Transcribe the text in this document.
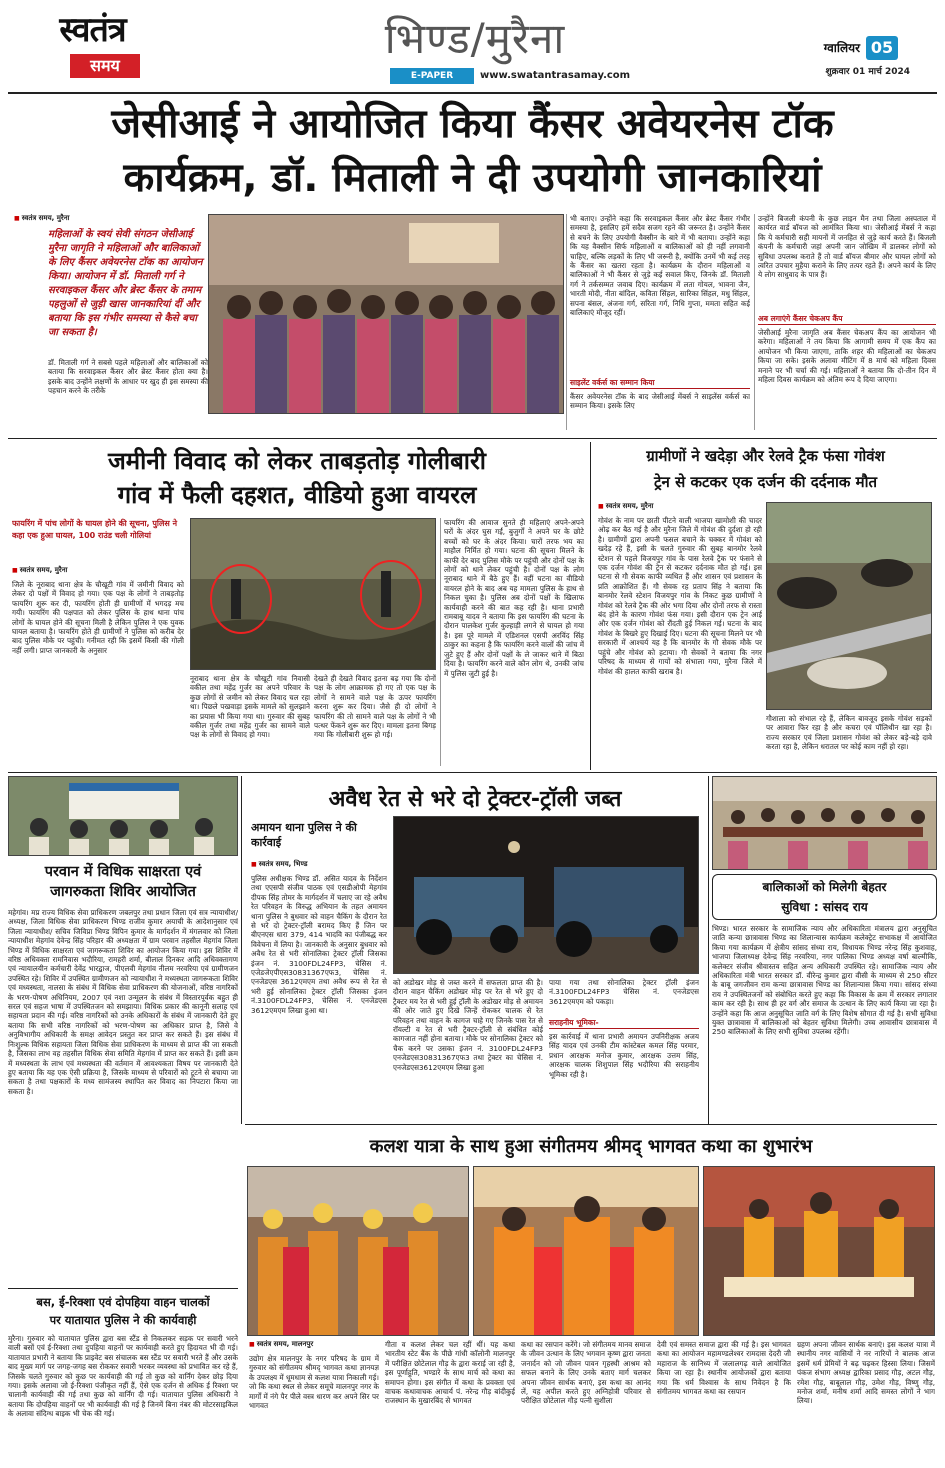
स्वतंत्र
समय
भिण्ड/मुरैना
E-PAPER	www.swatantrasamay.com
ग्वालियर 05
शुक्रवार 01 मार्च 2024
जेसीआई ने आयोजित किया कैंसर अवेयरनेस टॉक
कार्यक्रम, डॉ. मिताली ने दी उपयोगी जानकारियां
■ स्वतंत्र समय, मुरैना
महिलाओं के स्वयं सेवी संगठन जेसीआई मुरैना जागृति ने महिलाओं और बालिकाओं के लिए कैंसर अवेयरनेस टॉक का आयोजन किया। आयोजन में डॉ. मिताली गर्ग ने सरवाइकल कैंसर और ब्रेस्ट कैंसर के तमाम पहलुओं से जुड़ी खास जानकारियां दीं और बताया कि इस गंभीर समस्या से कैसे बचा जा सकता है।
डॉ. मिताली गर्ग ने सबसे पहले महिलाओं और बालिकाओं को बताया कि सरवाइकल कैंसर और ब्रेस्ट कैंसर होता क्या है। इसके बाद उन्होंने लक्षणों के आधार पर खुद ही इस समस्या की पहचान करने के तरीके
भी बताए। उन्होंने कहा कि सरवाइकल कैंसर और ब्रेस्ट कैंसर गंभीर समस्या है, इसलिए हमें सदैव सजग रहने की जरूरत है। उन्होंने कैंसर से बचने के लिए उपयोगी वैक्सीन के बारे में भी बताया। उन्होंने कहा कि यह वैक्सीन सिर्फ महिलाओं व बालिकाओं को ही नहीं लगवानी चाहिए, बल्कि लड़कों के लिए भी जरूरी है, क्योंकि उनमें भी कई तरह के कैंसर का खतरा रहता है। कार्यक्रम के दौरान महिलाओं व बालिकाओं ने भी कैंसर से जुड़े कई सवाल किए, जिनके डॉ. मिताली गर्ग ने तर्कसम्मत जवाब दिए। कार्यक्रम में लता गोयल, भावना जैन, भारती मोदी, नीता बांदिल, कविता सिंहल, सारिका सिंहल, मधु सिंहल, सपना बंसल, अंजना गर्ग, सरिता गर्ग, निधि गुप्ता, ममता सहित कई बालिकाएं मौजूद रहीं।
साइलेंट वर्कर्स का सम्मान किया
कैंसर अवेयरनेस टॉक के बाद जेसीआई मेंबर्स ने साइलेंस वर्कर्स का सम्मान किया। इसके लिए
उन्होंने बिजली कंपनी के कुछ लाइन मैन तथा जिला अस्पताल में कार्यरत वार्ड बॉयज को आमंत्रित किया था। जेसीआई मेंबर्स ने कहा कि ये कर्मचारी सही मायनों में जनहित से जुड़े कार्य करते हैं। बिजली कंपनी के कर्मचारी जहां अपनी जान जोखिम में डालकर लोगों को सुविधा उपलब्ध कराते हैं तो वार्ड बॉयज बीमार और घायल लोगों को त्वरित उपचार मुहैया कराने के लिए तत्पर रहते हैं। अपने कार्य के लिए ये लोग साधुवाद के पात्र हैं।
अब लगाएंगे कैंसर चेकअप कैंप
जेसीआई मुरैना जागृति अब कैंसर चेकअप कैंप का आयोजन भी करेगा। महिलाओं ने तय किया कि आगामी समय में एक कैंप का आयोजन भी किया जाएगा, ताकि शहर की महिलाओं का चेकअप किया जा सके। इसके अलावा मीटिंग में 8 मार्च को महिला दिवस मनाने पर भी चर्चा की गई। महिलाओं ने बताया कि दो-तीन दिन में महिला दिवस कार्यक्रम को अंतिम रूप दे दिया जाएगा।
जमीनी विवाद को लेकर ताबड़तोड़ गोलीबारी
गांव में फैली दहशत, वीडियो हुआ वायरल
फायरिंग में पांच लोगों के घायल होने की सूचना, पुलिस ने कहा एक हुआ घायल, 100 राउंड चली गोलियां
■ स्वतंत्र समय, मुरैना
जिले के नूराबाद थाना क्षेत्र के चौखूटी गांव में जमीनी विवाद को लेकर दो पक्षों में विवाद हो गया। एक पक्ष के लोगों ने ताबड़तोड़ फायरिंग शुरू कर दी, फायरिंग होती ही ग्रामीणों में भगदड़ मच गयी। फायरिंग की पक्षपात को लेकर पुलिस के हाथ थाना पांच लोगों के घायल होने की सूचना मिली है लेकिन पुलिस ने एक युवक घायल बताया है। फायरिंग होते ही ग्रामीणों ने पुलिस को करीब देर बाद पुलिस मौके पर पहुंची। गनीमत रही कि इसमें किसी की गोली नहीं लगी। प्राप्त जानकारी के अनुसार
नूराबाद थाना क्षेत्र के चौखूटी गांव निवासी वकील तथा महेंद्र गुर्जर का अपने परिवार के कुछ लोगों से जमीन को लेकर विवाद चल रहा था। पिछले पखवाड़ा इसके मामले को सुलझाने का प्रयास भी किया गया था। गुरुवार की सुबह वकील गुर्जर तथा महेंद्र गुर्जर का सामने वाले पक्ष के लोगों से विवाद हो गया।
देखते ही देखते विवाद इतना बढ़ गया कि दोनों पक्ष के लोग आक्रामक हो गए तो एक पक्ष के लोगों ने सामने वाले पक्ष के ऊपर फायरिंग करना शुरू कर दिया। जैसे ही दो लोगों ने फायरिंग की तो सामने वाले पक्ष के लोगों ने भी पत्थर फेंकने शुरू कर दिए। मामला इतना बिगड़ गया कि गोलीबारी शुरू हो गई।
फायरिंग की आवाज सुनते ही महिलाएं अपने-अपने घरों के अंदर घुस गईं, बुजुर्गों ने अपने घर के छोटे बच्चों को घर के अंदर किया। चारों तरफ भय का माहौल निर्मित हो गया। घटना की सूचना मिलने के काफी देर बाद पुलिस मौके पर पहुंची और दोनों पक्ष के लोगों को थाने लेकर पहुंची है। दोनों पक्ष के लोग नूराबाद थाने में बैठे हुए हैं। वहीं घटना का वीडियो वायरल होने के बाद अब यह मामला पुलिस के हाथ से निकल चुका है। पुलिस अब दोनों पक्षों के खिलाफ कार्यवाही करने की बात कह रही है। थाना प्रभारी रामबाबू यादव ने बताया कि इस फायरिंग की घटना के दौरान पालकेश गुर्जर कुल्हाड़ी लगने से घायल हो गया है। इस पूरे मामले में एडिशनल एसपी अरविंद सिंह ठाकुर का कहना है कि फायरिंग करने वालों की जांच में जुटे हुए हैं और दोनों पक्षों के ले जाकर थाने में बिठा दिया है। फायरिंग करने वाले कौन लोग थे, उनकी जांच में पुलिस जुटी हुई है।
ग्रामीणों ने खदेड़ा और रेलवे ट्रैक फंसा गोवंश
ट्रेन से कटकर एक दर्जन की दर्दनाक मौत
■ स्वतंत्र समय, मुरैना
गोवंश के नाम पर छाती पीटने वाली भाजपा खामोशी की चादर ओढ़ कर बैठ गई है और मुरैना जिले में गोवंश की दुर्दशा हो रही है। ग्रामीणों द्वारा अपनी फसल बचाने के चक्कर में गोवंश को खदेड़ रहे हैं, इसी के चलते गुरुवार की सुबह बानमोर रेलवे स्टेशन से पहले विजयपुर गांव के पास रेलवे ट्रैक पर फंसने से एक दर्जन गोवंश की ट्रेन से कटकर दर्दनाक मौत हो गई। इस घटना से गौ सेवक काफी व्यथित हैं और शासन एवं प्रशासन के प्रति आक्रोशित हैं। गौ सेवक रह प्रताप सिंह ने बताया कि बानमोर रेलवे स्टेशन विजयपुर गांव के निकट कुछ ग्रामीणों ने गोवंश को रेलवे ट्रैक की ओर भगा दिया और दोनों तरफ से रास्ता बंद होने के कारण गोवंश फंस गया। इसी दौरान एक ट्रेन आई और एक दर्जन गोवंश को रौंदती हुई निकल गई। घटना के बाद गोवंश के बिखरे हुए दिखाई दिए। घटना की सूचना मिलने पर भी सरकारी में आश्चर्य यह है कि बानमोर के गौ सेवक मौके पर पहुंचे और गोवंश को हटाया। गौ सेवकों ने बताया कि नगर परिषद के माध्यम से गायों को संभाला गया, मुरैना जिले में गोवंश की हालत काफी खराब है।
गौशाला को संभाल रहे हैं, लेकिन बावजूद इसके गोवंश सड़कों पर आवारा फिर रहा है और कचरा एवं पॉलिथीन खा रहा है। राज्य सरकार एवं जिला प्रशासन गोवंश को लेकर बड़े-बड़े दावे करता रहा है, लेकिन धरातल पर कोई काम नहीं हो रहा।
परवान में विधिक साक्षरता एवं
जागरुकता शिविर आयोजित
महेगांव। मप्र राज्य विधिक सेवा प्राधिकरण जबलपुर तथा प्रधान जिला एवं सत्र न्यायाधीश/अध्यक्ष, जिला विधिक सेवा प्राधिकरण भिण्ड राजीव कुमार अयाची के आदेशानुसार एवं जिला न्यायाधीश/ सचिव जिविप्रा भिण्ड विपिन कुमार के मार्गदर्शन में मंगलवार को जिला न्यायाधीश मेहगांव देवेन्द्र सिंह परिहार की अध्यक्षता में ग्राम परवान तहसील मेहगांव जिला भिण्ड में विधिक साक्षरता एवं जागरूकता शिविर का आयोजन किया गया। इस शिविर में वरिष्ठ अधिवक्ता रामनिवास भदौरिया, रामहरी शर्मा, बीलाल दिनकर आदि अधिवक्तागण एवं न्यायालयीन कर्मचारी देवेंद्र भारद्वाज, पीएलवी मेहगांव नीलम नरवरिया एवं ग्रामीणजन उपस्थित रहे। शिविर में उपस्थित ग्रामीणजन को न्यायाधीश ने मध्यस्थता जागरूकता शिविर एवं मध्यस्थता, नालसा के संबंध में विधिक सेवा प्राधिकरण की योजनाओं, वरिष्ठ नागरिकों के भरण-पोषण अधिनियम, 2007 एवं नशा उन्मूलन के संबंध में विस्तारपूर्वक बहुत ही सरल एवं सहज भाषा में उपस्थितजन को समझाया। विधिक प्रकार की कानूनी सलाह एवं सहायता प्रदान की गई। वरिष्ठ नागरिकों को उनके अधिकारों के संबंध में जानकारी देते हुए बताया कि सभी वरिष्ठ नागरिकों को भरण-पोषण का अधिकार प्राप्त है, जिसे वे अनुविभागीय अधिकारी के समक्ष आवेदन प्रस्तुत कर प्राप्त कर सकते हैं। इस संबंध में निःशुल्क विधिक सहायता जिला विधिक सेवा प्राधिकरण के माध्यम से प्राप्त की जा सकती है, जिसका लाभ वह तहसील विधिक सेवा समिति मेहगांव में प्राप्त कर सकते हैं। इसी क्रम में मध्यस्थता के लाभ एवं मध्यस्थता की वर्तमान में आवश्यकता विषय पर जानकारी देते हुए बताया कि यह एक ऐसी प्रक्रिया है, जिसके माध्यम से परिवारों को टूटने से बचाया जा सकता है तथा पक्षकारों के मध्य सामंजस्य स्थापित कर विवाद का निपटारा किया जा सकता है।
बस, ई-रिक्शा एवं दोपहिया वाहन चालकों
पर यातायात पुलिस ने की कार्यवाही
मुरैना। गुरुवार को यातायात पुलिस द्वारा बस स्टैंड से निकलकर सड़क पर सवारी भरने वाली बसों एवं ई-रिक्शा तथा दुपहिया वाहनों पर कार्यवाही करते हुए हिदायत भी दी गई। यातायात प्रभारी ने बताया कि प्राइवेट बस संचालक बस स्टैंड पर सवारी भरते हैं और उसके बाद मुख्य मार्ग पर जगह-जगह बस रोककर सवारी भरकर व्यवस्था को प्रभावित कर रहे हैं, जिसके चलते गुरुवार को कुछ पर कार्यवाही की गई तो कुछ को वार्निंग देकर छोड़ दिया गया। इसके अलावा जो ई-रिक्शा पंजीकृत नहीं हैं, ऐसे एक दर्जन से अधिक ई रिक्शा पर चालानी कार्यवाही की गई तथा कुछ को वार्निंग दी गई। यातायात पुलिस अधिकारी ने बताया कि दोपहिया वाहनों पर भी कार्यवाही की गई है जिनमें बिना नंबर की मोटरसाइकिल के अलावा संदिग्ध बाइक भी चेक की गई।
अवैध रेत से भरे दो ट्रेक्टर-ट्रॉली जब्त
अमायन थाना पुलिस ने की कार्रवाई
■ स्वतंत्र समय, भिण्ड
पुलिस अधीक्षक भिण्ड डॉ. असित यादव के निर्देशन तथा एएसपी संजीव पाठक एवं एसडीओपी मेहगांव दीपक सिंह तोमर के मार्गदर्शन में चलाए जा रहे अवैध रेत परिवहन के विरुद्ध अभियान के तहत अमायन थाना पुलिस ने बुधवार को वाहन चैकिंग के दौरान रेत से भरे दो ट्रेक्टर-ट्रॉली बरामद किए हैं जिन पर बीएनएस धारा 379, 414 भादवि का पंजीबद्ध कर विवेचना में लिया है। जानकारी के अनुसार बुधवार को अवैध रेत से भरी सोनालिका ट्रेक्टर ट्रॉली जिसका इंजन नं. 3100FDL24FP3, चेसिस नं. एजेडजेएपीएस30831367एफ3, चेसिस नं. एनजेडएस 3612एमएम तथा अवैध रूप से रेत से भरी हुई सोनालिका ट्रेक्टर ट्रॉली जिसका इंजन नं.3100FDL24FP3, चेसिस नं. एनजेडएस 3612एमएम लिखा हुआ था।
को अडोखर मोड़ से जब्त करने में सफलता प्राप्त की है। दौरान वाहन चैकिंग अडोखर मोड़ पर रेत से भरे हुए दो ट्रैक्टर मय रेत से भरी हुई ट्रॉली के अडोखर मोड़ से अमायन की ओर जाते हुए दिखे जिन्हें रोककर चालक से रेत परिवहन तथा वाहन के कागज चाहे गए जिनके पास रेत से रॉयल्टी व रेत से भरी ट्रैक्टर-ट्रॉली से संबंधित कोई कागजात नहीं होना बताया। मौके पर सोनालिका ट्रेक्टर को चैक करने पर उसका इंजन नं. 3100FDL24FP3 एनजेडएस30831367एफ3 तथा ट्रेक्टर का चेसिस नं. एनजेडएस3612एमएम लिखा हुआ
पाया गया तथा सोनालिका ट्रेक्टर ट्रॉली इंजन नं.3100FDL24FP3 चेसिस नं. एनजेडएस 3612एमएम को पकड़ा।
सराहनीय भूमिका-
इस कार्रवाई में थाना प्रभारी अमायन उपनिरीक्षक अजय सिंह यादव एवं उनकी टीम कांस्टेबल कमल सिंह परमार, प्रधान आरक्षक मनोज कुमार, आरक्षक उत्तम सिंह, आरक्षक चालक शिशुपाल सिंह भदौरिया की सराहनीय भूमिका रही है।
बालिकाओं को मिलेगी बेहतर
सुविधा : सांसद राय
भिण्ड। भारत सरकार के सामाजिक न्याय और अधिकारिता मंत्रालय द्वारा अनुसूचित जाति कन्या छात्रावास भिण्ड का शिलान्यास कार्यक्रम कलेक्ट्रेट सभाकक्ष में आयोजित किया गया कार्यक्रम में क्षेत्रीय सांसद संध्या राय, विधायक भिण्ड नरेन्द्र सिंह कुशवाह, भाजपा जिलाध्यक्ष देवेन्द्र सिंह नरवरिया, नगर पालिका भिण्ड अध्यक्ष वर्षा बाल्मीकि, कलेक्टर संजीव श्रीवास्तव सहित अन्य अधिकारी उपस्थित रहे। सामाजिक न्याय और अधिकारिता मंत्री भारत सरकार डॉ. वीरेन्द्र कुमार द्वारा वीसी के माध्यम से 250 सीटर के बाबू जगजीवन राम कन्या छात्रावास भिण्ड का शिलान्यास किया गया। सांसद संध्या राय ने उपस्थितजनों को संबोधित करते हुए कहा कि विकास के क्रम में सरकार लगातार काम कर रही है। साथ ही हर वर्ग और समाज के उत्थान के लिए कार्य किया जा रहा है। उन्होंने कहा कि आज अनुसूचित जाति वर्ग के लिए विशेष सौगात दी गई है। सभी सुविधा युक्त छात्रावास में बालिकाओं को बेहतर सुविधा मिलेगी। उच्च आवासीय छात्रावास में 250 बालिकाओं के लिए सभी सुविधा उपलब्ध रहेंगी।
कलश यात्रा के साथ हुआ संगीतमय श्रीमद् भागवत कथा का शुभारंभ
■ स्वतंत्र समय, मालनपुर
उद्योग क्षेत्र मालनपुर के नगर परिषद के ग्राम में गुरुवार को संगीतमय श्रीमद् भागवत कथा ज्ञानयज्ञ के उपलक्ष्य में धूमधाम से कलश यात्रा निकाली गई। जो कि कथा स्थल से लेकर समूचे मालनपुर नगर के मार्गों में नंगे पैर पीले वस्त्र धारण कर अपने सिर पर भागवत
गीता व कलश लेकर चल रहीं थीं। यह कथा भारतीय स्टेट बैंक के पीछे गांधी कॉलोनी मालनपुर में परीक्षित छोटेलाल गौड़ के द्वारा कराई जा रही है, इस पूर्णाहुति, भण्डारे के साथ मार्च को कथा का समापन होगा। इस संगीत में कथा के प्रवक्ता एवं वाचक कथावाचक आचार्य पं. नरेन्द्र गौड़ बांदीकुई राजस्थान के मुखारबिंद से भागवत
कथा का रसपान करेंगे। जो संगीतमय मानव समाज के जीवन उत्थान के लिए भगवान कृष्ण द्वारा जनता जनार्दन को जो जीवन पावन गृहस्थी आश्रम को सफल बनाने के लिए उनके बताए मार्ग चलकर अपना जीवन सार्थक बनाएं, इस कथा का आनंद लें, यह अपील करते हुए अग्निहोत्री परिवार से परीक्षित छोटेलाल गौड़ पत्नी सुशीला
देवी एवं समस्त समाज द्वारा की गई है। इस भागवत कथा का आयोजन महामण्डलेश्वर रामदास देदरी जी महाराज के सानिध्य में जलालगढ़ वाले आयोजित किया जा रहा है। स्थानीय आयोजकों द्वारा बताया गया कि धर्म विश्वास के साथ निवेदन है कि संगीतमय भागवत कथा का रसपान
ग्रहण अपना जीवन सार्थक बनाएं। इस कलश यात्रा में स्थानीय नगर वासियों ने नर नारियों ने बालक आज इसमें धर्म प्रेमियों ने बढ़ चढ़कर हिस्सा लिया। जिसमें पंकज संभाग अध्यक्ष द्वारिका प्रसाद गौड़, अटल गौड़, रमेश गौड़, बाबूलाल गौड़, उमेश गौड़, विष्णु गौड़, मनोज शर्मा, मनीष शर्मा आदि समस्त लोगों ने भाग लिया।
